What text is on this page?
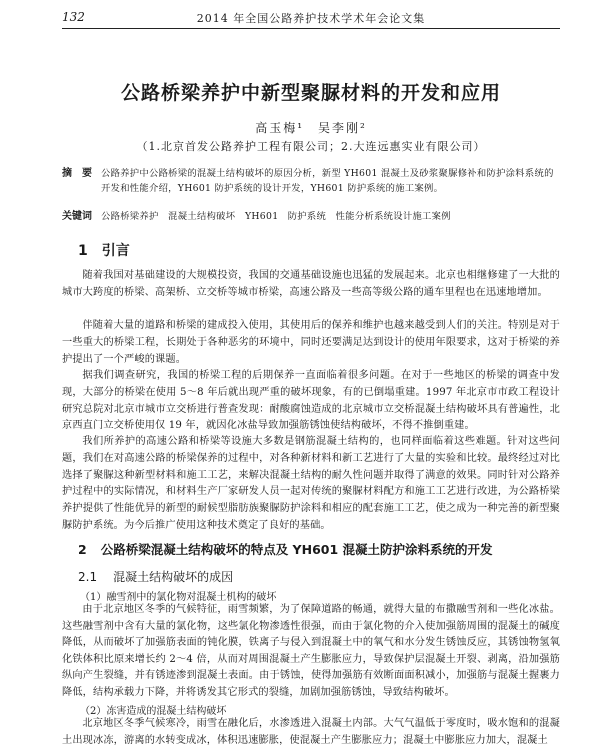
132	2014 年全国公路养护技术学术年会论文集
公路桥梁养护中新型聚脲材料的开发和应用
高玉梅¹　吴李刚²
（1.北京首发公路养护工程有限公司；2.大连远惠实业有限公司）
摘　要 公路养护中公路桥梁的混凝土结构破坏的原因分析，新型 YH601 混凝土及砂浆聚脲修补和防护涂料系统的开发和性能介绍，YH601 防护系统的设计开发，YH601 防护系统的施工案例。
关键词 公路桥梁养护　混凝土结构破坏　YH601 防护系统　性能分析系统设计施工案例
1 引言
随着我国对基础建设的大规模投资，我国的交通基础设施也迅猛的发展起来。北京也相继修建了一大批的城市大跨度的桥梁、高架桥、立交桥等城市桥梁，高速公路及一些高等级公路的通车里程也在迅速地增加。
伴随着大量的道路和桥梁的建成投入使用，其使用后的保养和维护也越来越受到人们的关注。特别是对于一些重大的桥梁工程，长期处于各种恶劣的环境中，同时还要满足达到设计的使用年限要求，这对于桥梁的养护提出了一个严峻的课题。
据我们调查研究，我国的桥梁工程的后期保养一直面临着很多问题。在对于一些地区的桥梁的调查中发现，大部分的桥梁在使用 5～8 年后就出现严重的破坏现象，有的已倒塌重建。1997 年北京市市政工程设计研究总院对北京市城市立交桥进行普查发现：耐酸腐蚀造成的北京城市立交桥混凝土结构破坏具有普遍性，北京西直门立交桥使用仅 19 年，就因化冰盐导致加强筋锈蚀使结构破坏，不得不推倒重建。
我们所养护的高速公路和桥梁等设施大多数是钢筋混凝土结构的，也同样面临着这些难题。针对这些问题，我们在对高速公路的桥梁保养的过程中，对各种新材料和新工艺进行了大量的实验和比较。最终经过对比选择了聚脲这种新型材料和施工工艺，来解决混凝土结构的耐久性问题并取得了满意的效果。同时针对公路养护过程中的实际情况，和材料生产厂家研发人员一起对传统的聚脲材料配方和施工工艺进行改进，为公路桥梁养护提供了性能优异的新型的耐候型脂肪族聚脲防护涂料和相应的配套施工工艺，使之成为一种完善的新型聚脲防护系统。为今后推广使用这种技术奠定了良好的基础。
2 公路桥梁混凝土结构破坏的特点及 YH601 混凝土防护涂料系统的开发
2.1 混凝土结构破坏的成因
（1）融雪剂中的氯化物对混凝土机构的破坏
由于北京地区冬季的气候特征，雨雪频繁，为了保障道路的畅通，就得大量的布撒融雪剂和一些化冰盐。这些融雪剂中含有大量的氯化物，这些氯化物渗透性很强，而由于氯化物的介入使加强筋周围的混凝土的碱度降低，从而破坏了加强筋表面的钝化膜，铁离子与侵入到混凝土中的氧气和水分发生锈蚀反应，其锈蚀物氢氧化铁体积比原来增长约 2～4 倍，从而对周围混凝土产生膨胀应力，导致保护层混凝土开裂、剥离，沿加强筋纵向产生裂缝，并有锈迹渗到混凝土表面。由于锈蚀，使得加强筋有效断面面积减小，加强筋与混凝土握裹力降低，结构承载力下降，并将诱发其它形式的裂缝，加剧加强筋锈蚀，导致结构破坏。
（2）冻害造成的混凝土结构破坏
北京地区冬季气候寒冷，雨雪在融化后，水渗透进入混凝土内部。大气气温低于零度时，吸水饱和的混凝土出现冰冻，游离的水转变成冰，体积迅速膨胀，使混凝土产生膨胀应力；混凝土中膨胀应力加大，混凝土
